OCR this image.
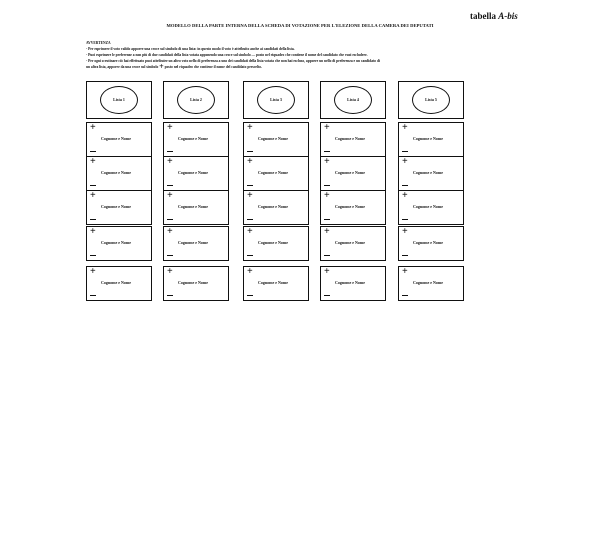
tabella A-bis
MODELLO DELLA PARTE INTERNA DELLA SCHEDA DI VOTAZIONE PER L'ELEZIONE DELLA CAMERA DEI DEPUTATI
AVVERTENZA
- Per esprimere il voto valido apporre una croce sul simbolo di una lista: in questo modo il voto è attribuito anche ai candidati della lista.
- Puoi esprimere le preferenze a non più di due candidati della lista votata apponendo una croce sul simbolo — posto nel riquadro che contiene il nome del candidato che vuoi escludere.
- Per ogni scrutinare ciò hai effettuato puoi attribuire un altro voto nello di preferenza a uno dei candidati della lista votata che non hai escluso, apporre un nello di preferenza e un candidato di
un altra lista, apporre da una croce sul simbolo + posto nel riquadro che contiene il nome del candidato prescelto.
Lista 1
+
Cognome e Nome
+
Cognome e Nome
+
Cognome e Nome
+
Cognome e Nome
+
Cognome e Nome
Lista 2
+
Cognome e Nome
+
Cognome e Nome
+
Cognome e Nome
+
Cognome e Nome
+
Cognome e Nome
Lista 3
+
Cognome e Nome
+
Cognome e Nome
+
Cognome e Nome
+
Cognome e Nome
+
Cognome e Nome
Lista 4
+
Cognome e Nome
+
Cognome e Nome
+
Cognome e Nome
+
Cognome e Nome
+
Cognome e Nome
Lista 5
+
Cognome e Nome
+
Cognome e Nome
+
Cognome e Nome
+
Cognome e Nome
+
Cognome e Nome
